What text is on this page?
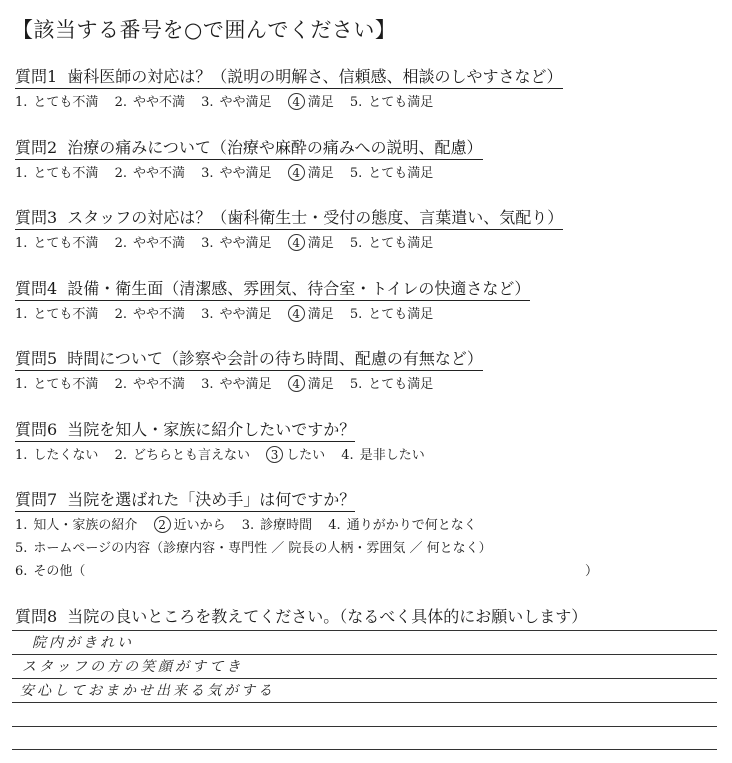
【該当する番号を○で囲んでください】
質問1 歯科医師の対応は？（説明の明解さ、信頼感、相談のしやすさなど）
1. とても不満 2. やや不満 3. やや満足 4 満足 5. とても満足
質問2 治療の痛みについて（治療や麻酔の痛みへの説明、配慮）
1. とても不満 2. やや不満 3. やや満足 4 満足 5. とても満足
質問3 スタッフの対応は？（歯科衛生士・受付の態度、言葉遣い、気配り）
1. とても不満 2. やや不満 3. やや満足 4 満足 5. とても満足
質問4 設備・衛生面（清潔感、雰囲気、待合室・トイレの快適さなど）
1. とても不満 2. やや不満 3. やや満足 4 満足 5. とても満足
質問5 時間について（診察や会計の待ち時間、配慮の有無など）
1. とても不満 2. やや不満 3. やや満足 4 満足 5. とても満足
質問6 当院を知人・家族に紹介したいですか？
1. したくない 2. どちらとも言えない 3 したい 4. 是非したい
質問7 当院を選ばれた「決め手」は何ですか？
1. 知人・家族の紹介 2 近いから 3. 診療時間 4. 通りがかりで何となく
5. ホームページの内容（診療内容・専門性 ／ 院長の人柄・雰囲気 ／ 何となく）
6. その他（	）
質問8 当院の良いところを教えてください。（なるべく具体的にお願いします）
院内がきれい
スタッフの方の笑顔がすてき
安心しておまかせ出来る気がする
